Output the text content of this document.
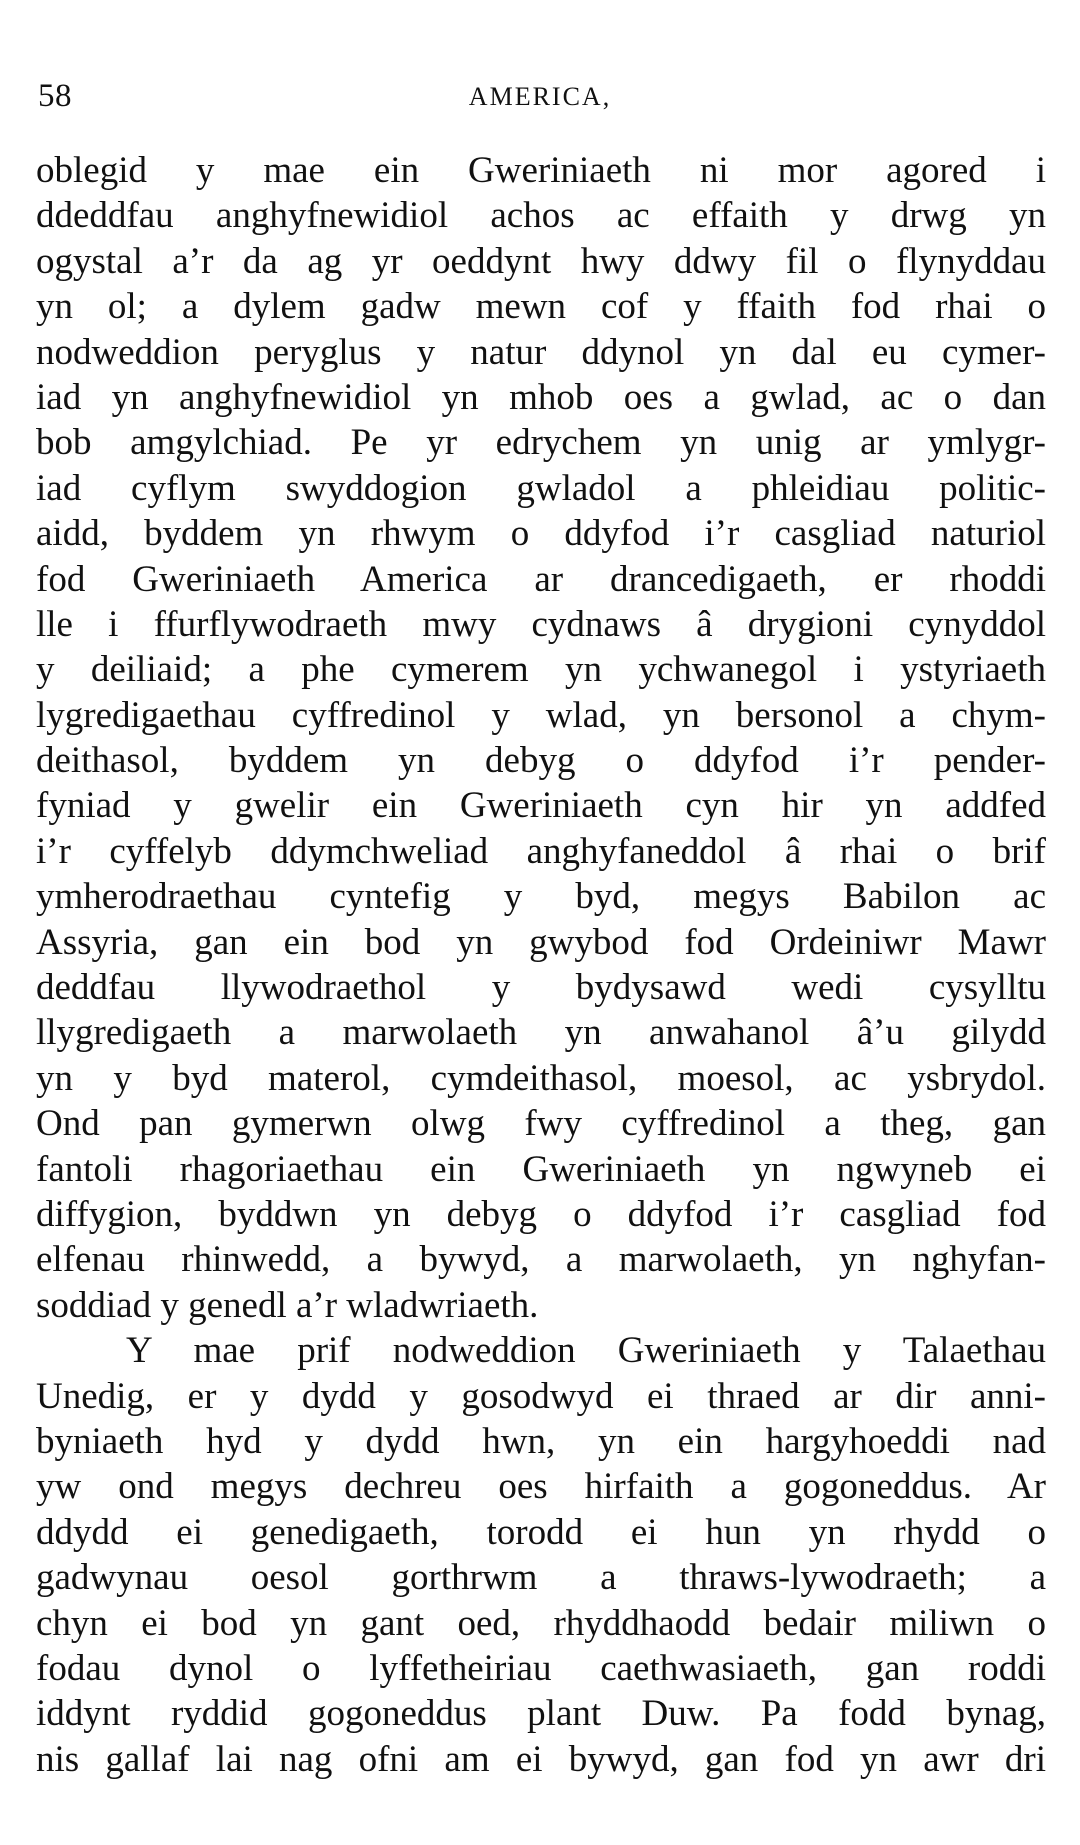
58	AMERICA,
oblegid y mae ein Gweriniaeth ni mor agored i
ddeddfau anghyfnewidiol achos ac effaith y drwg yn
ogystal a’r da ag yr oeddynt hwy ddwy fil o flynyddau
yn ol; a dylem gadw mewn cof y ffaith fod rhai o
nodweddion peryglus y natur ddynol yn dal eu cymer-
iad yn anghyfnewidiol yn mhob oes a gwlad, ac o dan
bob amgylchiad. Pe yr edrychem yn unig ar ymlygr-
iad cyflym swyddogion gwladol a phleidiau politic-
aidd, byddem yn rhwym o ddyfod i’r casgliad naturiol
fod Gweriniaeth America ar drancedigaeth, er rhoddi
lle i ffurflywodraeth mwy cydnaws â drygioni cynyddol
y deiliaid; a phe cymerem yn ychwanegol i ystyriaeth
lygredigaethau cyffredinol y wlad, yn bersonol a chym-
deithasol, byddem yn debyg o ddyfod i’r pender-
fyniad y gwelir ein Gweriniaeth cyn hir yn addfed
i’r cyffelyb ddymchweliad anghyfaneddol â rhai o brif
ymherodraethau cyntefig y byd, megys Babilon ac
Assyria, gan ein bod yn gwybod fod Ordeiniwr Mawr
deddfau llywodraethol y bydysawd wedi cysylltu
llygredigaeth a marwolaeth yn anwahanol â’u gilydd
yn y byd materol, cymdeithasol, moesol, ac ysbrydol.
Ond pan gymerwn olwg fwy cyffredinol a theg, gan
fantoli rhagoriaethau ein Gweriniaeth yn ngwyneb ei
diffygion, byddwn yn debyg o ddyfod i’r casgliad fod
elfenau rhinwedd, a bywyd, a marwolaeth, yn nghyfan-
soddiad y genedl a’r wladwriaeth.
Y mae prif nodweddion Gweriniaeth y Talaethau
Unedig, er y dydd y gosodwyd ei thraed ar dir anni-
byniaeth hyd y dydd hwn, yn ein hargyhoeddi nad
yw ond megys dechreu oes hirfaith a gogoneddus. Ar
ddydd ei genedigaeth, torodd ei hun yn rhydd o
gadwynau oesol gorthrwm a thraws-lywodraeth; a
chyn ei bod yn gant oed, rhyddhaodd bedair miliwn o
fodau dynol o lyffetheiriau caethwasiaeth, gan roddi
iddynt ryddid gogoneddus plant Duw. Pa fodd bynag,
nis gallaf lai nag ofni am ei bywyd, gan fod yn awr dri
